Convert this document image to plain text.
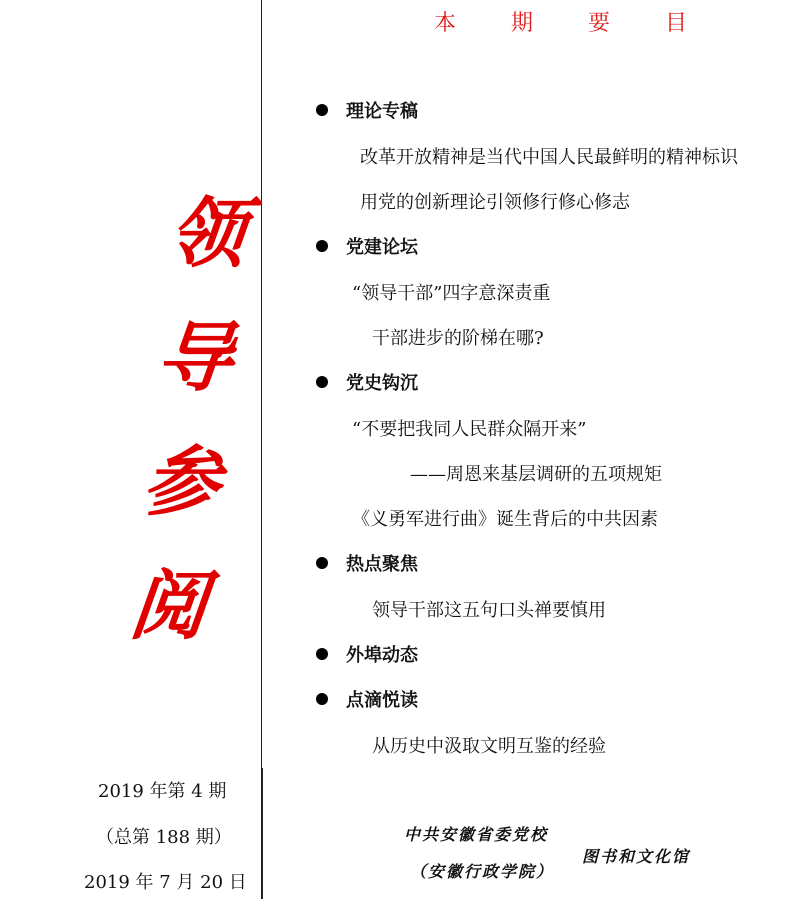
本 期 要 目
领
导
参
阅
理论专稿
改革开放精神是当代中国人民最鲜明的精神标识
用党的创新理论引领修行修心修志
党建论坛
“领导干部”四字意深责重
干部进步的阶梯在哪?
党史钩沉
“不要把我同人民群众隔开来”
——周恩来基层调研的五项规矩
《义勇军进行曲》诞生背后的中共因素
热点聚焦
领导干部这五句口头禅要慎用
外埠动态
点滴悦读
从历史中汲取文明互鉴的经验
2019 年第 4 期
（总第 188 期）
2019 年 7 月 20 日
中共安徽省委党校
（安徽行政学院）
图书和文化馆
